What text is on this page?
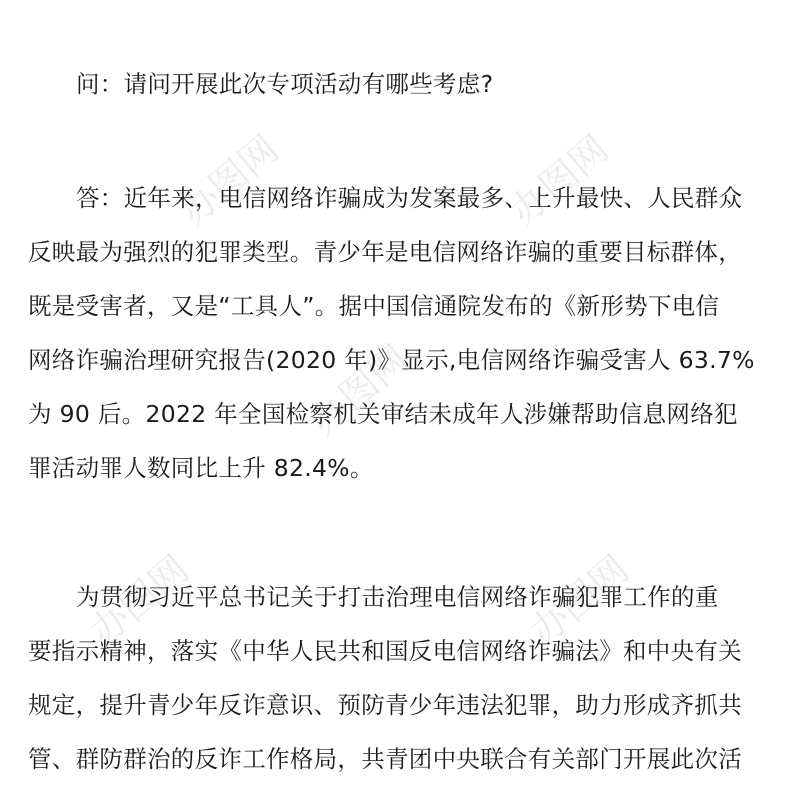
办图网	办图网
办图网
办图网	办图网
问：请问开展此次专项活动有哪些考虑?
答：近年来，电信网络诈骗成为发案最多、上升最快、人民群众
反映最为强烈的犯罪类型。青少年是电信网络诈骗的重要目标群体，
既是受害者，又是“工具人”。据中国信通院发布的《新形势下电信
网络诈骗治理研究报告(2020 年)》显示,电信网络诈骗受害人 63.7%
为 90 后。2022 年全国检察机关审结未成年人涉嫌帮助信息网络犯
罪活动罪人数同比上升 82.4%。
为贯彻习近平总书记关于打击治理电信网络诈骗犯罪工作的重
要指示精神，落实《中华人民共和国反电信网络诈骗法》和中央有关
规定，提升青少年反诈意识、预防青少年违法犯罪，助力形成齐抓共
管、群防群治的反诈工作格局，共青团中央联合有关部门开展此次活
